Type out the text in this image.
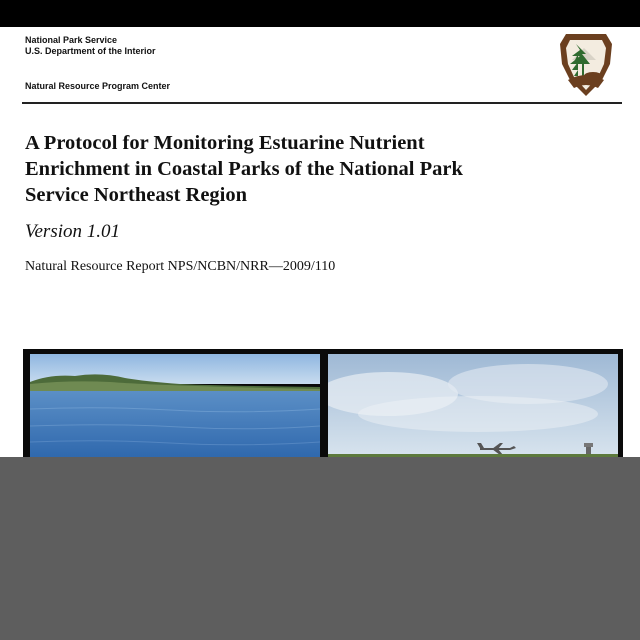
National Park Service
U.S. Department of the Interior
Natural Resource Program Center
A Protocol for Monitoring Estuarine Nutrient
Enrichment in Coastal Parks of the National Park
Service Northeast Region
Version 1.01
Natural Resource Report NPS/NCBN/NRR—2009/110
